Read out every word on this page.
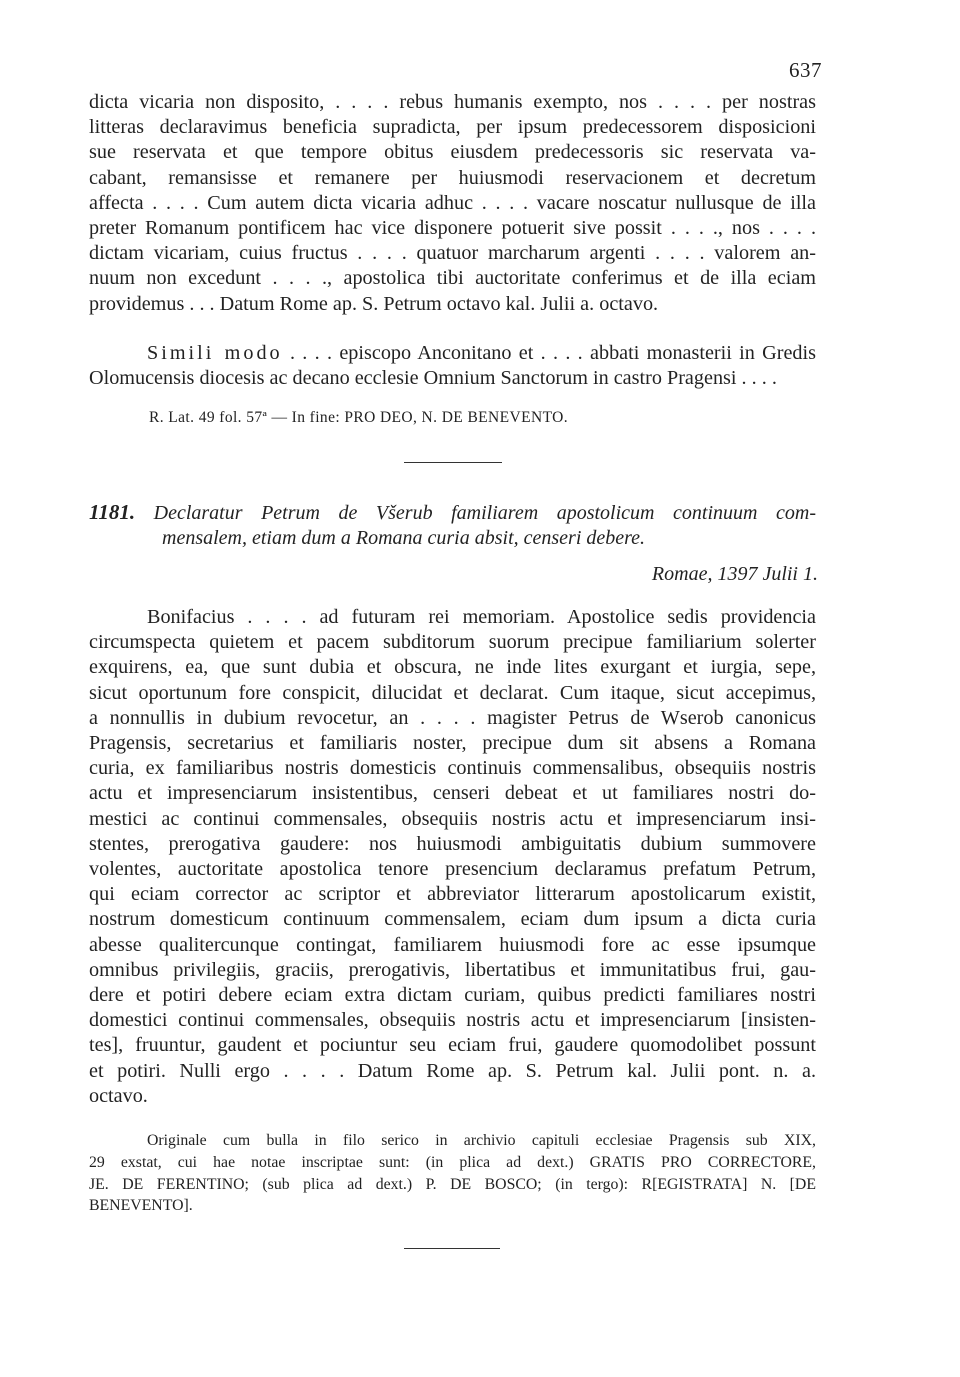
637
dicta vicaria non disposito, . . . . rebus humanis exempto, nos . . . . per nostras
litteras declaravimus beneficia supradicta, per ipsum predecessorem disposicioni
sue reservata et que tempore obitus eiusdem predecessoris sic reservata va-
cabant, remansisse et remanere per huiusmodi reservacionem et decretum
affecta . . . . Cum autem dicta vicaria adhuc . . . . vacare noscatur nullusque de illa
preter Romanum pontificem hac vice disponere potuerit sive possit . . . ., nos . . . .
dictam vicariam, cuius fructus . . . . quatuor marcharum argenti . . . . valorem an-
nuum non excedunt . . . ., apostolica tibi auctoritate conferimus et de illa eciam
providemus . . . Datum Rome ap. S. Petrum octavo kal. Julii a. octavo.
Simili modo . . . . episcopo Anconitano et . . . . abbati monasterii in Gredis
Olomucensis diocesis ac decano ecclesie Omnium Sanctorum in castro Pragensi . . . .
R. Lat. 49 fol. 57ª — In fine: PRO DEO, N. DE BENEVENTO.
1181. Declaratur Petrum de Všerub familiarem apostolicum continuum com-
mensalem, etiam dum a Romana curia absit, censeri debere.
Romae, 1397 Julii 1.
Bonifacius . . . . ad futuram rei memoriam. Apostolice sedis providencia
circumspecta quietem et pacem subditorum suorum precipue familiarium solerter
exquirens, ea, que sunt dubia et obscura, ne inde lites exurgant et iurgia, sepe,
sicut oportunum fore conspicit, dilucidat et declarat. Cum itaque, sicut accepimus,
a nonnullis in dubium revocetur, an . . . . magister Petrus de Wserob canonicus
Pragensis, secretarius et familiaris noster, precipue dum sit absens a Romana
curia, ex familiaribus nostris domesticis continuis commensalibus, obsequiis nostris
actu et impresenciarum insistentibus, censeri debeat et ut familiares nostri do-
mestici ac continui commensales, obsequiis nostris actu et impresenciarum insi-
stentes, prerogativa gaudere: nos huiusmodi ambiguitatis dubium summovere
volentes, auctoritate apostolica tenore presencium declaramus prefatum Petrum,
qui eciam corrector ac scriptor et abbreviator litterarum apostolicarum existit,
nostrum domesticum continuum commensalem, eciam dum ipsum a dicta curia
abesse qualitercunque contingat, familiarem huiusmodi fore ac esse ipsumque
omnibus privilegiis, graciis, prerogativis, libertatibus et immunitatibus frui, gau-
dere et potiri debere eciam extra dictam curiam, quibus predicti familiares nostri
domestici continui commensales, obsequiis nostris actu et impresenciarum [insisten-
tes], fruuntur, gaudent et pociuntur seu eciam frui, gaudere quomodolibet possunt
et potiri. Nulli ergo . . . . Datum Rome ap. S. Petrum kal. Julii pont. n. a.
octavo.
Originale cum bulla in filo serico in archivio capituli ecclesiae Pragensis sub XIX,
29 exstat, cui hae notae inscriptae sunt: (in plica ad dext.) GRATIS PRO CORRECTORE,
JE. DE FERENTINO; (sub plica ad dext.) P. DE BOSCO; (in tergo): R[EGISTRATA] N. [DE
BENEVENTO].
